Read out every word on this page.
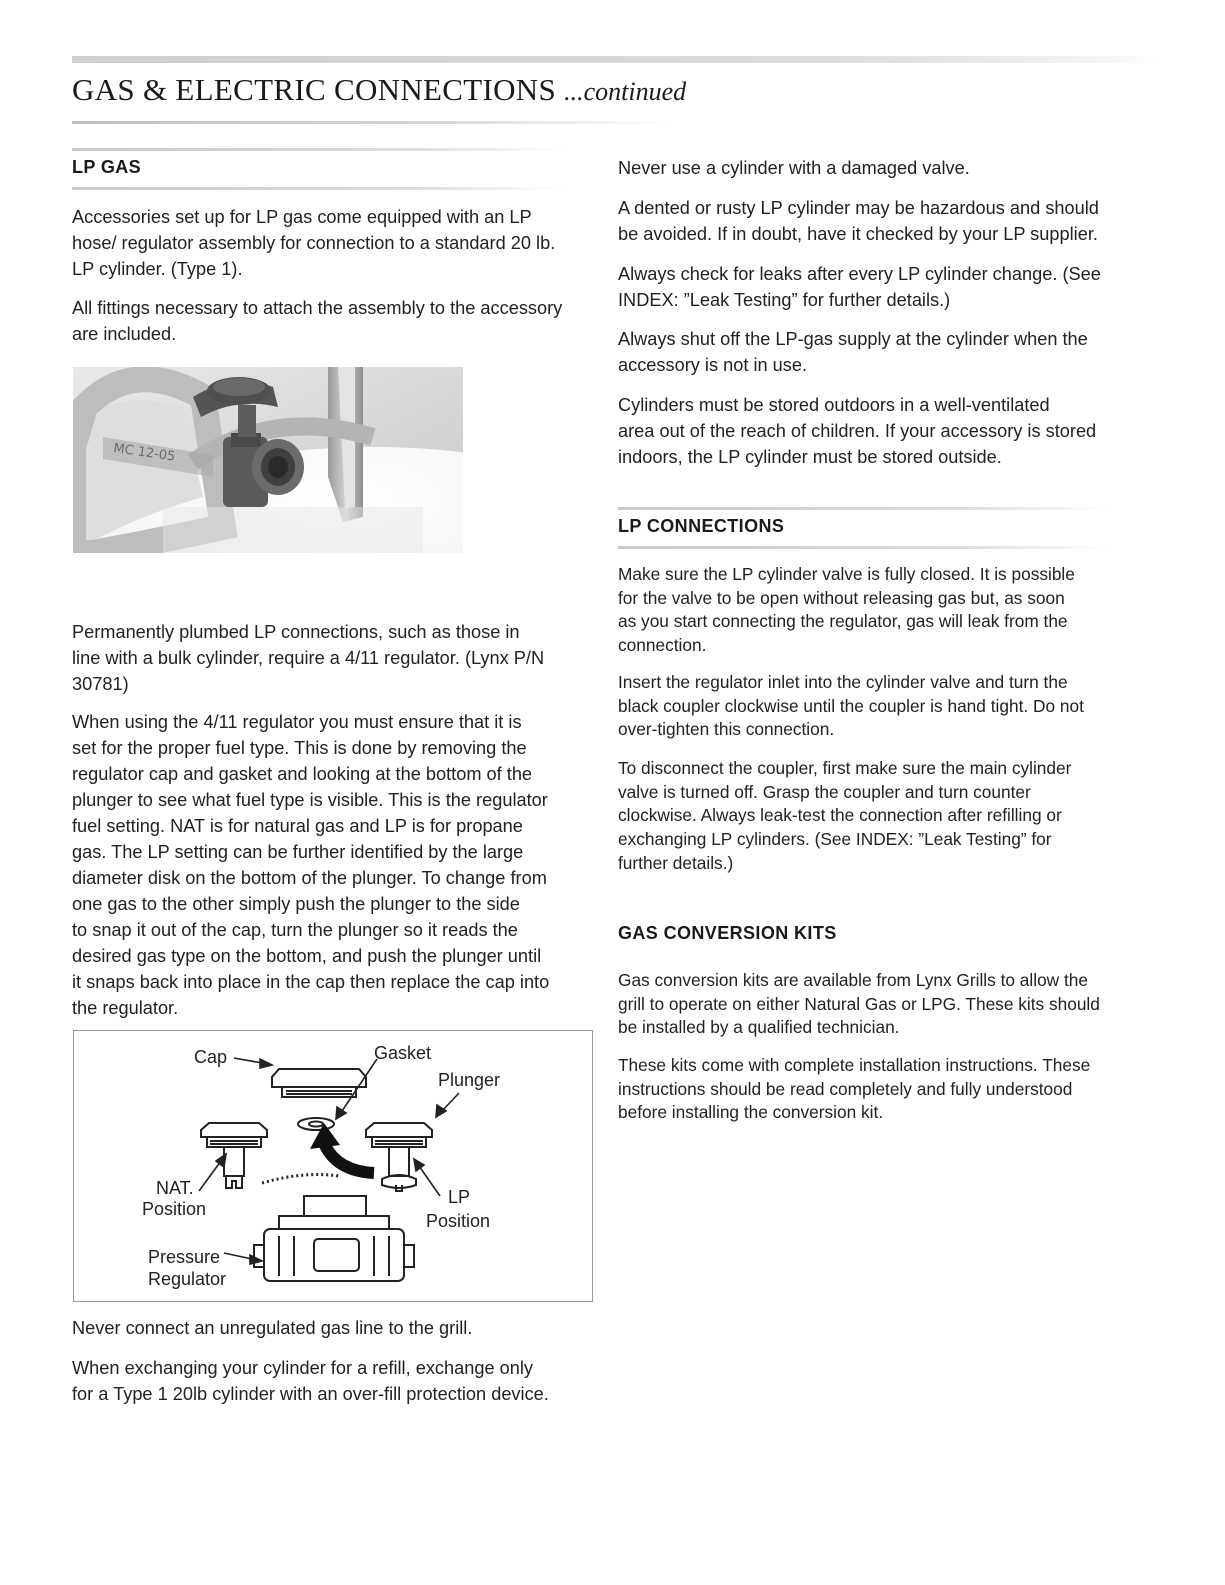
GAS & ELECTRIC CONNECTIONS ...continued
LP GAS

Accessories set up for LP gas come equipped with an LP
hose/ regulator assembly for connection to a standard 20 lb.
LP cylinder. (Type 1).

All fittings necessary to attach the assembly to the accessory
are included.

Permanently plumbed LP connections, such as those in
line with a bulk cylinder, require a 4/11 regulator. (Lynx P/N
30781)

When using the 4/11 regulator you must ensure that it is
set for the proper fuel type. This is done by removing the
regulator cap and gasket and looking at the bottom of the
plunger to see what fuel type is visible. This is the regulator
fuel setting. NAT is for natural gas and LP is for propane
gas. The LP setting can be further identified by the large
diameter disk on the bottom of the plunger. To change from
one gas to the other simply push the plunger to the side
to snap it out of the cap, turn the plunger so it reads the
desired gas type on the bottom, and push the plunger until
it snaps back into place in the cap then replace the cap into
the regulator.

Never connect an unregulated gas line to the grill.

When exchanging your cylinder for a refill, exchange only
for a Type 1 20lb cylinder with an over-fill protection device.

MC 12-05
Cap	Gasket
Plunger
NAT.
Position
LP
Position
Pressure
Regulator

Never use a cylinder with a damaged valve.

A dented or rusty LP cylinder may be hazardous and should
be avoided. If in doubt, have it checked by your LP supplier.

Always check for leaks after every LP cylinder change. (See
INDEX: ”Leak Testing” for further details.)

Always shut off the LP-gas supply at the cylinder when the
accessory is not in use.

Cylinders must be stored outdoors in a well-ventilated
area out of the reach of children. If your accessory is stored
indoors, the LP cylinder must be stored outside.

LP CONNECTIONS

Make sure the LP cylinder valve is fully closed. It is possible
for the valve to be open without releasing gas but, as soon
as you start connecting the regulator, gas will leak from the
connection.

Insert the regulator inlet into the cylinder valve and turn the
black coupler clockwise until the coupler is hand tight. Do not
over-tighten this connection.

To disconnect the coupler, first make sure the main cylinder
valve is turned off. Grasp the coupler and turn counter
clockwise. Always leak-test the connection after refilling or
exchanging LP cylinders. (See INDEX: ”Leak Testing” for
further details.)

GAS CONVERSION KITS

Gas conversion kits are available from Lynx Grills to allow the
grill to operate on either Natural Gas or LPG. These kits should
be installed by a qualified technician.

These kits come with complete installation instructions. These
instructions should be read completely and fully understood
before installing the conversion kit.
